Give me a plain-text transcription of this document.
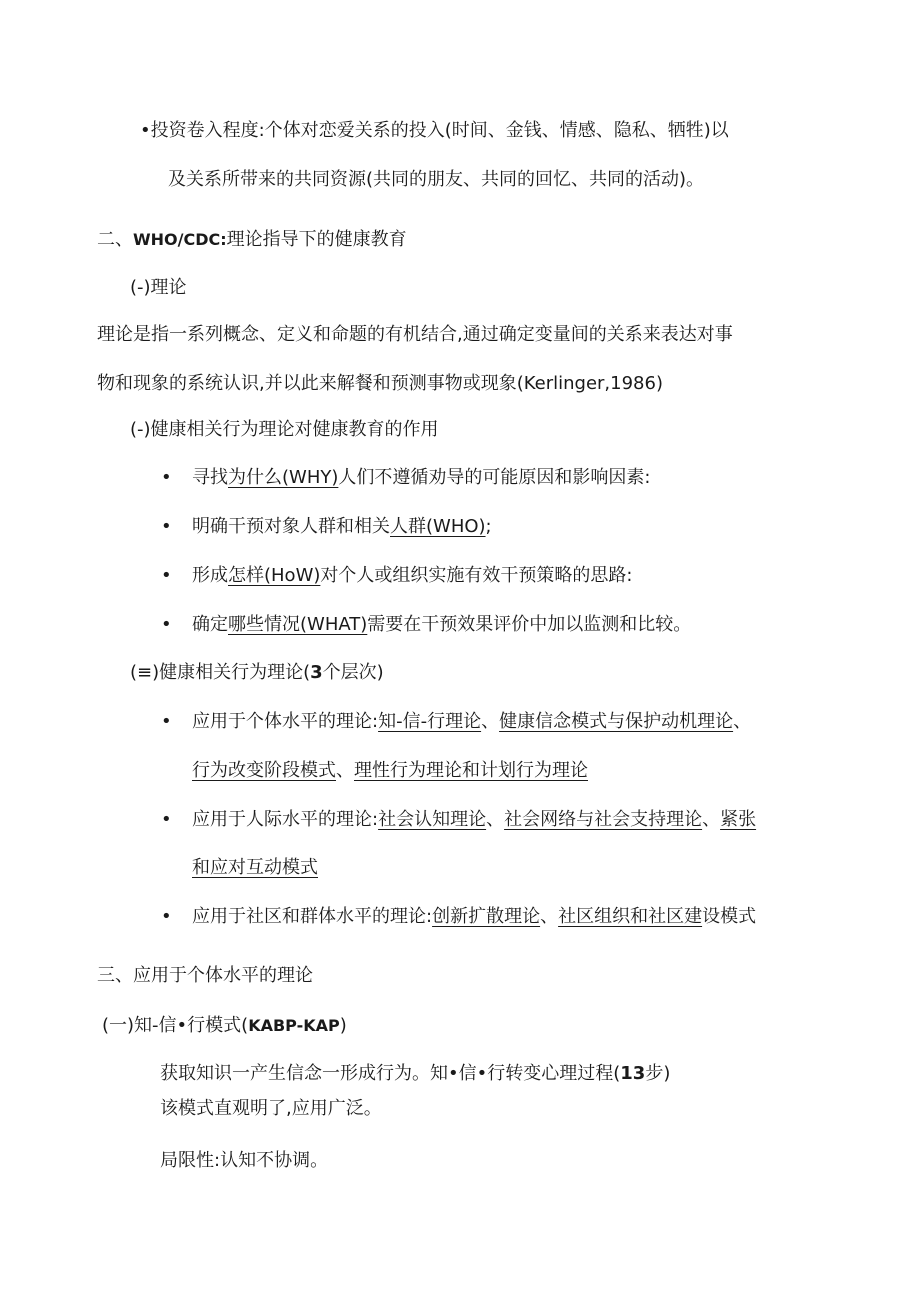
•投资卷入程度:个体对恋爱关系的投入(时间、金钱、情感、隐私、牺牲)以
及关系所带来的共同资源(共同的朋友、共同的回忆、共同的活动)。
二、WHO/CDC:理论指导下的健康教育
(-)理论
理论是指一系列概念、定义和命题的有机结合,通过确定变量间的关系来表达对事
物和现象的系统认识,并以此来解餐和预测事物或现象(Kerlinger,1986)
(-)健康相关行为理论对健康教育的作用
• 寻找为什么(WHY)人们不遵循劝导的可能原因和影响因素:
• 明确干预对象人群和相关人群(WHO);
• 形成怎样(HoW)对个人或组织实施有效干预策略的思路:
• 确定哪些情况(WHAT)需要在干预效果评价中加以监测和比较。
(≡)健康相关行为理论(3个层次)
• 应用于个体水平的理论:知-信-行理论、健康信念模式与保护动机理论、
行为改变阶段模式、理性行为理论和计划行为理论
• 应用于人际水平的理论:社会认知理论、社会网络与社会支持理论、紧张
和应对互动模式
• 应用于社区和群体水平的理论:创新扩散理论、社区组织和社区建设模式
三、应用于个体水平的理论
(一)知-信•行模式(KABP-KAP)
获取知识一产生信念一形成行为。知•信•行转变心理过程(13步)
该模式直观明了,应用广泛。
局限性:认知不协调。
